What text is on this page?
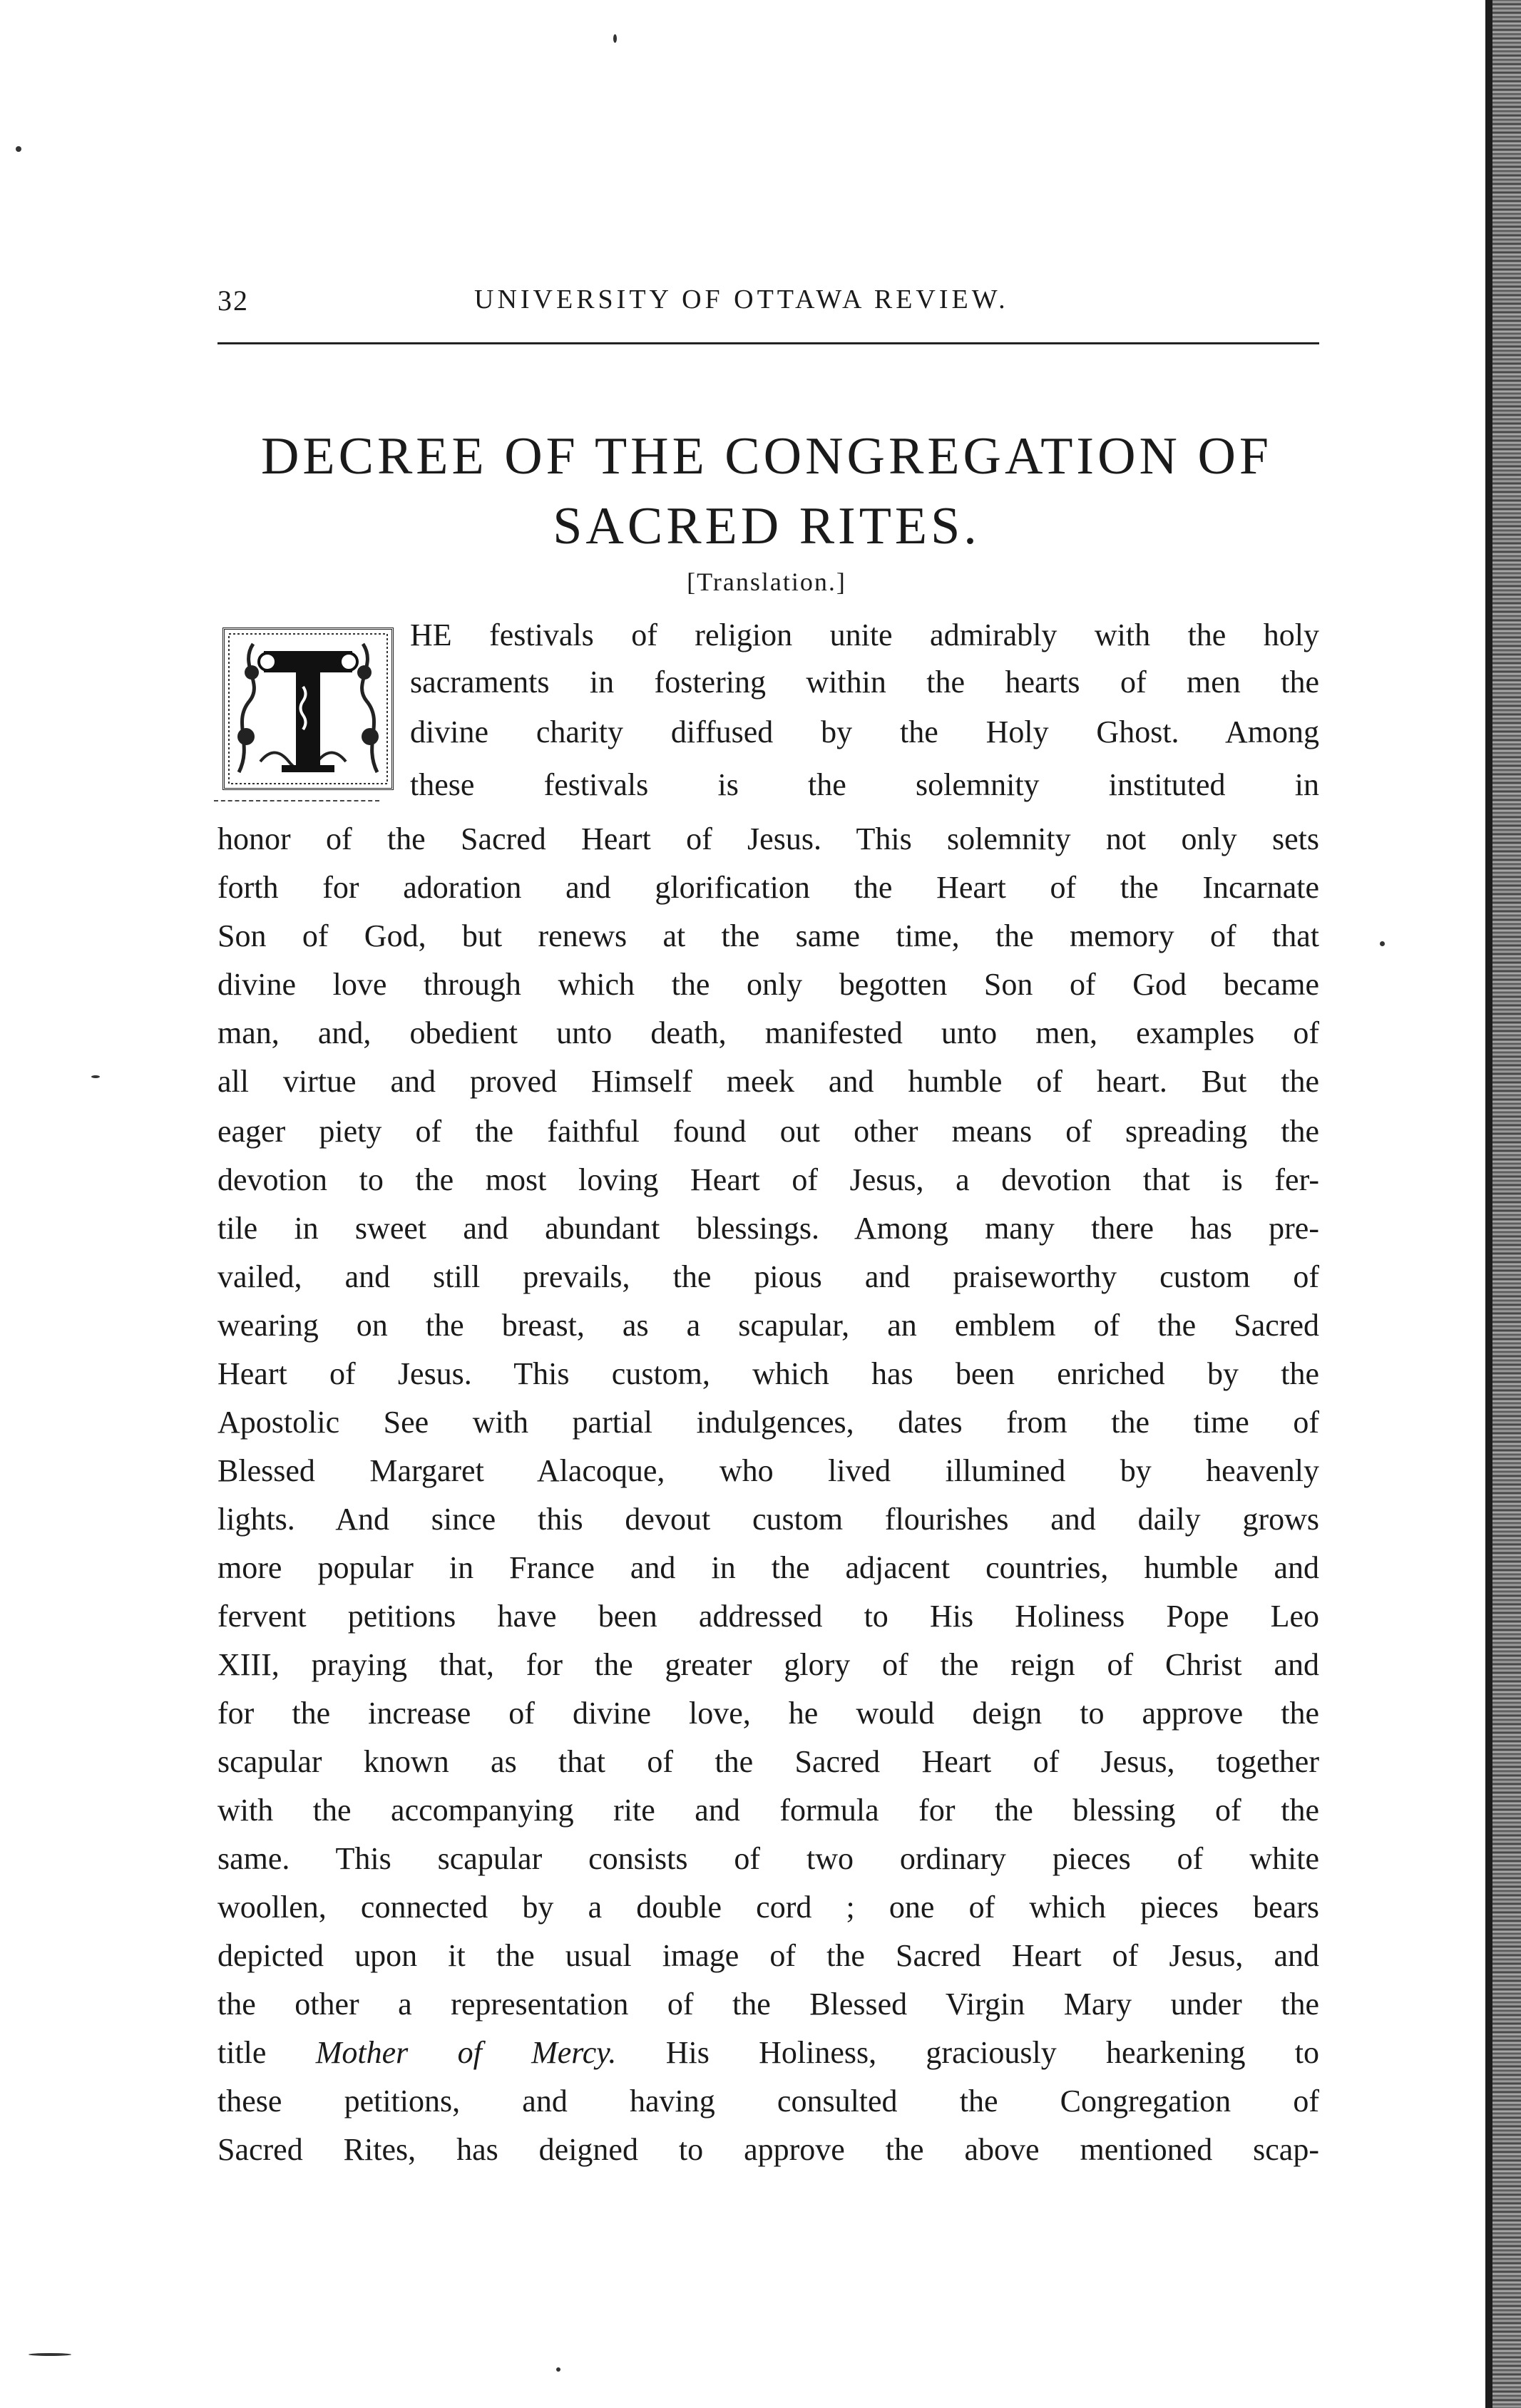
32	UNIVERSITY OF OTTAWA REVIEW.
DECREE OF THE CONGREGATION OF
SACRED RITES.
[Translation.]
HE festivals of religion unite admirably with the holy
sacraments in fostering within the hearts of men the
divine charity diffused by the Holy Ghost. Among
these festivals is the solemnity instituted in
honor of the Sacred Heart of Jesus. This solemnity not only sets
forth for adoration and glorification the Heart of the Incarnate
Son of God, but renews at the same time, the memory of that
divine love through which the only begotten Son of God became
man, and, obedient unto death, manifested unto men, examples of
all virtue and proved Himself meek and humble of heart. But the
eager piety of the faithful found out other means of spreading the
devotion to the most loving Heart of Jesus, a devotion that is fer-
tile in sweet and abundant blessings. Among many there has pre-
vailed, and still prevails, the pious and praiseworthy custom of
wearing on the breast, as a scapular, an emblem of the Sacred
Heart of Jesus. This custom, which has been enriched by the
Apostolic See with partial indulgences, dates from the time of
Blessed Margaret Alacoque, who lived illumined by heavenly
lights. And since this devout custom flourishes and daily grows
more popular in France and in the adjacent countries, humble and
fervent petitions have been addressed to His Holiness Pope Leo
XIII, praying that, for the greater glory of the reign of Christ and
for the increase of divine love, he would deign to approve the
scapular known as that of the Sacred Heart of Jesus, together
with the accompanying rite and formula for the blessing of the
same. This scapular consists of two ordinary pieces of white
woollen, connected by a double cord ; one of which pieces bears
depicted upon it the usual image of the Sacred Heart of Jesus, and
the other a representation of the Blessed Virgin Mary under the
title Mother of Mercy. His Holiness, graciously hearkening to
these petitions, and having consulted the Congregation of
Sacred Rites, has deigned to approve the above mentioned scap-
